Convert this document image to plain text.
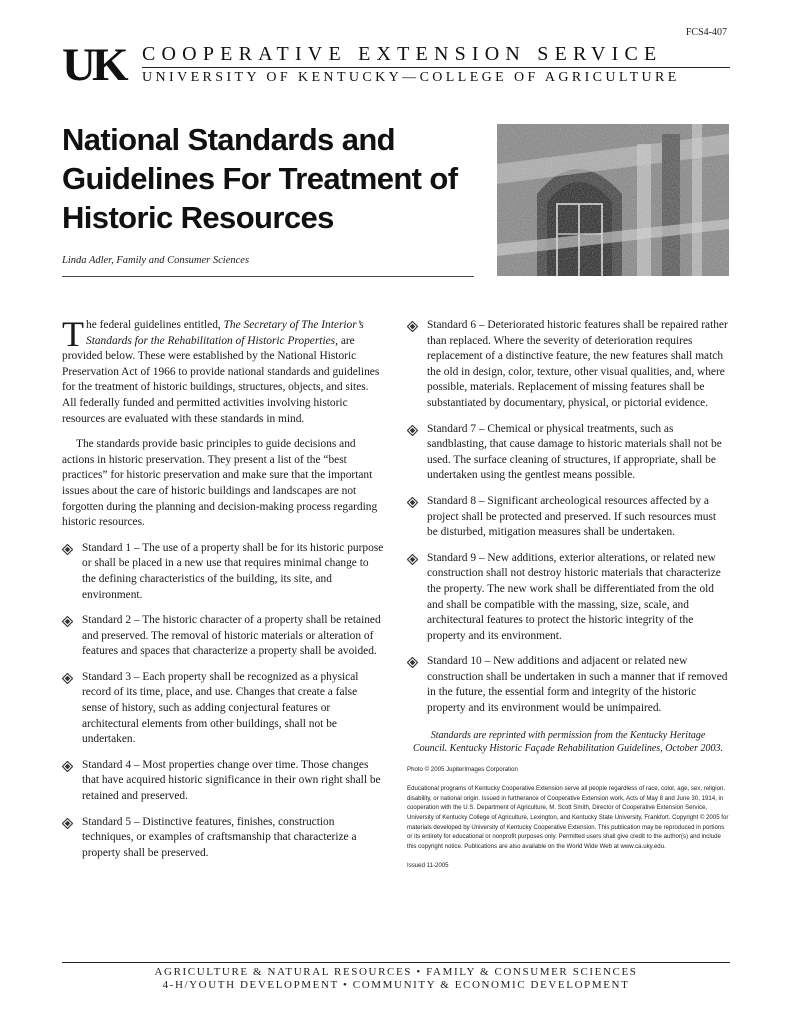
FCS4-407
UK COOPERATIVE EXTENSION SERVICE
UNIVERSITY OF KENTUCKY—COLLEGE OF AGRICULTURE
National Standards and Guidelines For Treatment of Historic Resources
Linda Adler, Family and Consumer Sciences

The federal guidelines entitled, The Secretary of The Interior’s Standards for the Rehabilitation of Historic Properties, are provided below. These were established by the National Historic Preservation Act of 1966 to provide national standards and guidelines for the treatment of historic buildings, structures, objects, and sites. All federally funded and permitted activities involving historic resources are evaluated with these standards in mind.

The standards provide basic principles to guide decisions and actions in historic preservation. They present a list of the “best practices” for historic preservation and make sure that the important issues about the care of historic buildings and landscapes are not forgotten during the planning and decision-making process regarding historic resources.

Standard 1 – The use of a property shall be for its historic purpose or shall be placed in a new use that requires minimal change to the defining characteristics of the building, its site, and environment.

Standard 2 – The historic character of a property shall be retained and preserved. The removal of historic materials or alteration of features and spaces that characterize a property shall be avoided.

Standard 3 – Each property shall be recognized as a physical record of its time, place, and use. Changes that create a false sense of history, such as adding conjectural features or architectural elements from other buildings, shall not be undertaken.

Standard 4 – Most properties change over time. Those changes that have acquired historic significance in their own right shall be retained and preserved.

Standard 5 – Distinctive features, finishes, construction techniques, or examples of craftsmanship that characterize a property shall be preserved.

Standard 6 – Deteriorated historic features shall be repaired rather than replaced. Where the severity of deterioration requires replacement of a distinctive feature, the new features shall match the old in design, color, texture, other visual qualities, and, where possible, materials. Replacement of missing features shall be substantiated by documentary, physical, or pictorial evidence.

Standard 7 – Chemical or physical treatments, such as sandblasting, that cause damage to historic materials shall not be used. The surface cleaning of structures, if appropriate, shall be undertaken using the gentlest means possible.

Standard 8 – Significant archeological resources affected by a project shall be protected and preserved. If such resources must be disturbed, mitigation measures shall be undertaken.

Standard 9 – New additions, exterior alterations, or related new construction shall not destroy historic materials that characterize the property. The new work shall be differentiated from the old and shall be compatible with the massing, size, scale, and architectural features to protect the historic integrity of the property and its environment.

Standard 10 – New additions and adjacent or related new construction shall be undertaken in such a manner that if removed in the future, the essential form and integrity of the historic property and its environment would be unimpaired.

Standards are reprinted with permission from the Kentucky Heritage Council. Kentucky Historic Façade Rehabilitation Guidelines, October 2003.

Photo © 2005 JupiterImages Corporation

Educational programs of Kentucky Cooperative Extension serve all people regardless of race, color, age, sex, religion, disability, or national origin. Issued in furtherance of Cooperative Extension work, Acts of May 8 and June 30, 1914, in cooperation with the U.S. Department of Agriculture, M. Scott Smith, Director of Cooperative Extension Service, University of Kentucky College of Agriculture, Lexington, and Kentucky State University, Frankfort. Copyright © 2005 for materials developed by University of Kentucky Cooperative Extension. This publication may be reproduced in portions or its entirety for educational or nonprofit purposes only. Permitted users shall give credit to the author(s) and include this copyright notice. Publications are also available on the World Wide Web at www.ca.uky.edu.

Issued 11-2005

AGRICULTURE & NATURAL RESOURCES • FAMILY & CONSUMER SCIENCES
4-H/YOUTH DEVELOPMENT • COMMUNITY & ECONOMIC DEVELOPMENT
